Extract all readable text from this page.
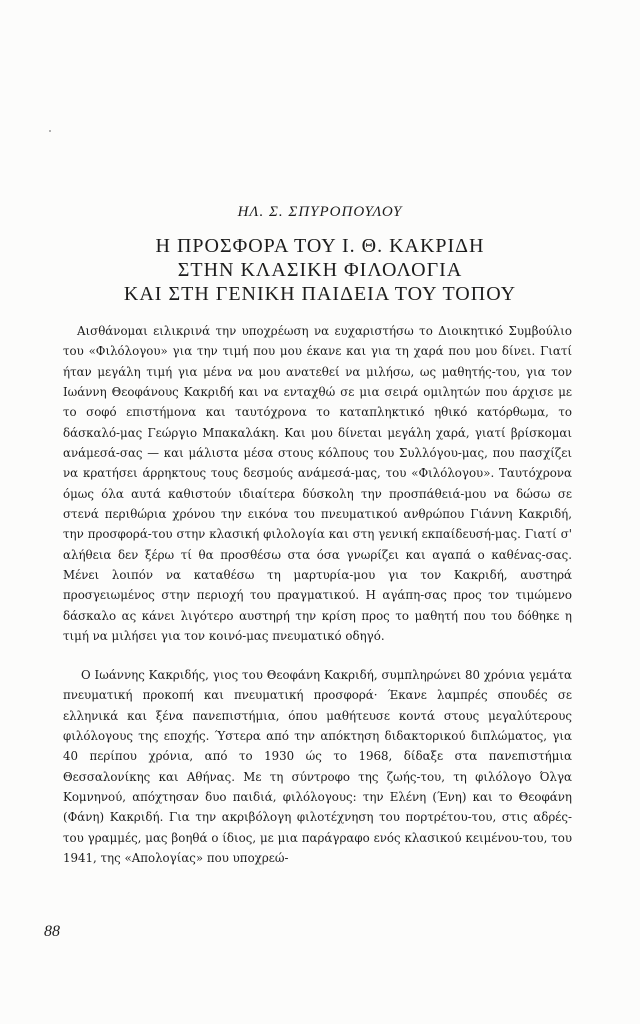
ΗΛ. Σ. ΣΠΥΡΟΠΟΥΛΟΥ
Η ΠΡΟΣΦΟΡΑ ΤΟΥ Ι. Θ. ΚΑΚΡΙΔΗ
ΣΤΗΝ ΚΛΑΣΙΚΗ ΦΙΛΟΛΟΓΙΑ
ΚΑΙ ΣΤΗ ΓΕΝΙΚΗ ΠΑΙΔΕΙΑ ΤΟΥ ΤΟΠΟΥ

Αισθάνομαι ειλικρινά την υποχρέωση να ευχαριστήσω το Διοικητικό Συμβούλιο του «Φιλόλογου» για την τιμή που μου έκανε και για τη χαρά που μου δίνει. Γιατί ήταν μεγάλη τιμή για μένα να μου ανατεθεί να μιλήσω, ως μαθητής-του, για τον Ιωάννη Θεοφάνους Κακριδή και να ενταχθώ σε μια σειρά ομιλητών που άρχισε με το σοφό επιστήμονα και ταυτόχρονα το καταπληκτικό ηθικό κατόρθωμα, το δάσκαλό-μας Γεώργιο Μπακαλάκη. Και μου δίνεται μεγάλη χαρά, γιατί βρίσκομαι ανάμεσά-σας — και μάλιστα μέσα στους κόλπους του Συλλόγου-μας, που πασχίζει να κρατήσει άρρηκτους τους δεσμούς ανάμεσά-μας, του «Φιλόλογου». Ταυτόχρονα όμως όλα αυτά καθιστούν ιδιαίτερα δύσκολη την προσπάθειά-μου να δώσω σε στενά περιθώρια χρόνου την εικόνα του πνευματικού ανθρώπου Γιάννη Κακριδή, την προσφορά-του στην κλασική φιλολογία και στη γενική εκπαίδευσή-μας. Γιατί σ' αλήθεια δεν ξέρω τί θα προσθέσω στα όσα γνωρίζει και αγαπά ο καθένας-σας. Μένει λοιπόν να καταθέσω τη μαρτυρία-μου για τον Κακριδή, αυστηρά προσγειωμένος στην περιοχή του πραγματικού. Η αγάπη-σας προς τον τιμώμενο δάσκαλο ας κάνει λιγότερο αυστηρή την κρίση προς το μαθητή που του δόθηκε η τιμή να μιλήσει για τον κοινό-μας πνευματικό οδηγό.

Ο Ιωάννης Κακριδής, γιος του Θεοφάνη Κακριδή, συμπληρώνει 80 χρόνια γεμάτα πνευματική προκοπή και πνευματική προσφορά· Έκανε λαμπρές σπουδές σε ελληνικά και ξένα πανεπιστήμια, όπου μαθήτευσε κοντά στους μεγαλύτερους φιλόλογους της εποχής. Ύστερα από την απόκτηση διδακτορικού διπλώματος, για 40 περίπου χρόνια, από το 1930 ώς το 1968, δίδαξε στα πανεπιστήμια Θεσσαλονίκης και Αθήνας. Με τη σύντροφο της ζωής-του, τη φιλόλογο Όλγα Κομνηνού, απόχτησαν δυο παιδιά, φιλόλογους: την Ελένη (Ένη) και το Θεοφάνη (Φάνη) Κακριδή. Για την ακριβόλογη φιλοτέχνηση του πορτρέτου-του, στις αδρές-του γραμμές, μας βοηθά ο ίδιος, με μια παράγραφο ενός κλασικού κειμένου-του, του 1941, της «Απολογίας» που υποχρεώ-

88
